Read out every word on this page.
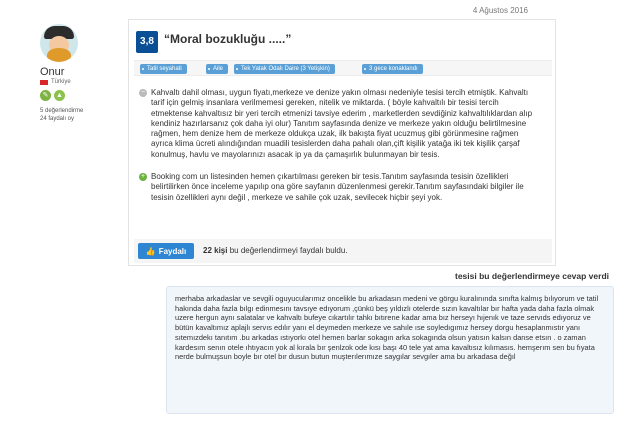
4 Ağustos 2016
Onur
Türkiye
✎	▲
5 değerlendirme
24 faydalı oy
3,8 “Moral bozukluğu .....”
Tatil seyahati	Aile	Tek Yatak Odalı Daire (3 Yetişkin)	3 gece konaklandı
− Kahvaltı dahil olması, uygun fiyatı,merkeze ve denize yakın olması nedeniyle tesisi tercih etmiştik. Kahvaltı tarif için gelmiş insanlara verilmemesi gereken, nitelik ve miktarda. ( böyle kahvaltılı bir tesisi tercih etmektense kahvaltısız bir yeri tercih etmenizi tavsiye ederim , marketlerden sevdiğiniz kahvaltılıklardan alıp kendiniz hazırlarsanız çok daha iyi olur) Tanıtım sayfasında denize ve merkeze yakın olduğu belirtilmesine rağmen, hem denize hem de merkeze oldukça uzak, ilk bakışta fiyat ucuzmuş gibi görünmesine rağmen ayrıca klima ücreti alındığından muadili tesislerden daha pahalı olan,çift kişilik yatağa iki tek kişilik çarşaf konulmuş, havlu ve mayolarınızı asacak ip ya da çamaşırlık bulunmayan bir tesis.
+ Booking com un listesinden hemen çıkartılması gereken bir tesis.Tanıtım sayfasında tesisin özellikleri belirtilirken önce inceleme yapılıp ona göre sayfanın düzenlenmesi gerekir.Tanıtım sayfasındaki bilgiler ile tesisin özellikleri aynı değil , merkeze ve sahile çok uzak, sevilecek hiçbir şeyi yok.
👍 Faydalı 22 kişi bu değerlendirmeyi faydalı buldu.
tesisi bu değerlendirmeye cevap verdi
merhaba arkadaslar ve sevgili oguyucularımız oncelikle bu arkadasın medeni ve görgu kuralınında sınıfta kalmış bılıyorum ve tatil hakında daha fazla bılgı edinmesını tavsıye edıyorum ,çünkü beş yıldızlı otelerde sızın kavaltılar bır hafta yada daha fazla olmak uzere hergun aynı salatalar ve kahvaltı bufeye cıkartılır tahkı bıtırene kadar ama bız herseyı hıjenık ve taze servıds edıyoruz ve bütün kavaltımız aplajlı servıs edılır yanı el deymeden merkeze ve sahıle ıse soyledıgımız hersey dorgu hesaplanmıstır yanı sıtemızdekı tanıtım .bu arkadas ıstıyorkı otel hemen barlar sokagın arka sokagında olsun yatısın kalsın danse etsın . o zaman kardesım senın otele ıhtıyacın yok al kırala bır şenlzok ode kısı başı 40 tele yat ama kavaltısız kılımasıs. hemşerım sen bu fıyata nerde bulmuşsun boyle bır otel bır dusun butun muşterılerımıze saygılar sevgıler ama bu arkadasa değıl
